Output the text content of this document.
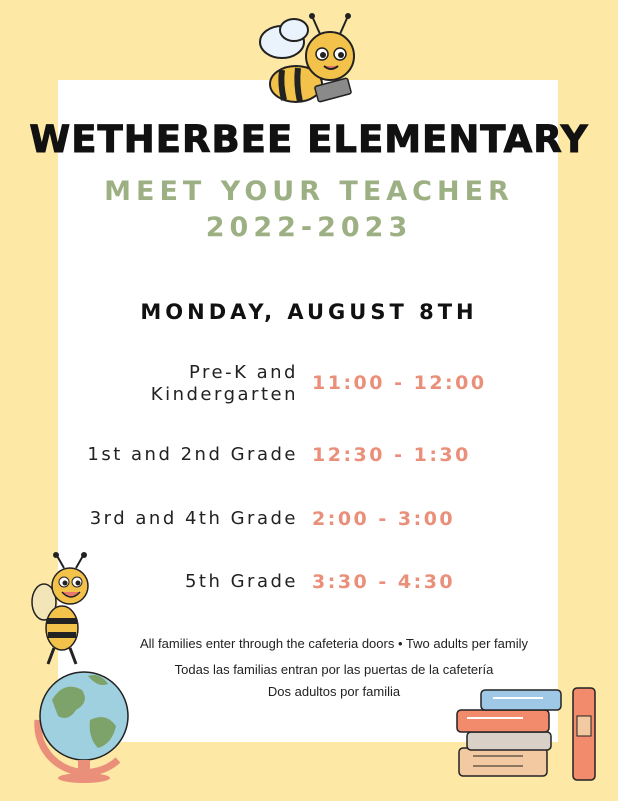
WETHERBEE ELEMENTARY
MEET YOUR TEACHER
2022-2023
MONDAY, AUGUST 8TH
Pre-K and
Kindergarten
11:00 - 12:00
1st and 2nd Grade 12:30 - 1:30
3rd and 4th Grade 2:00 - 3:00
5th Grade 3:30 - 4:30
All families enter through the cafeteria doors • Two adults per family
Todas las familias entran por las puertas de la cafetería
Dos adultos por familia
